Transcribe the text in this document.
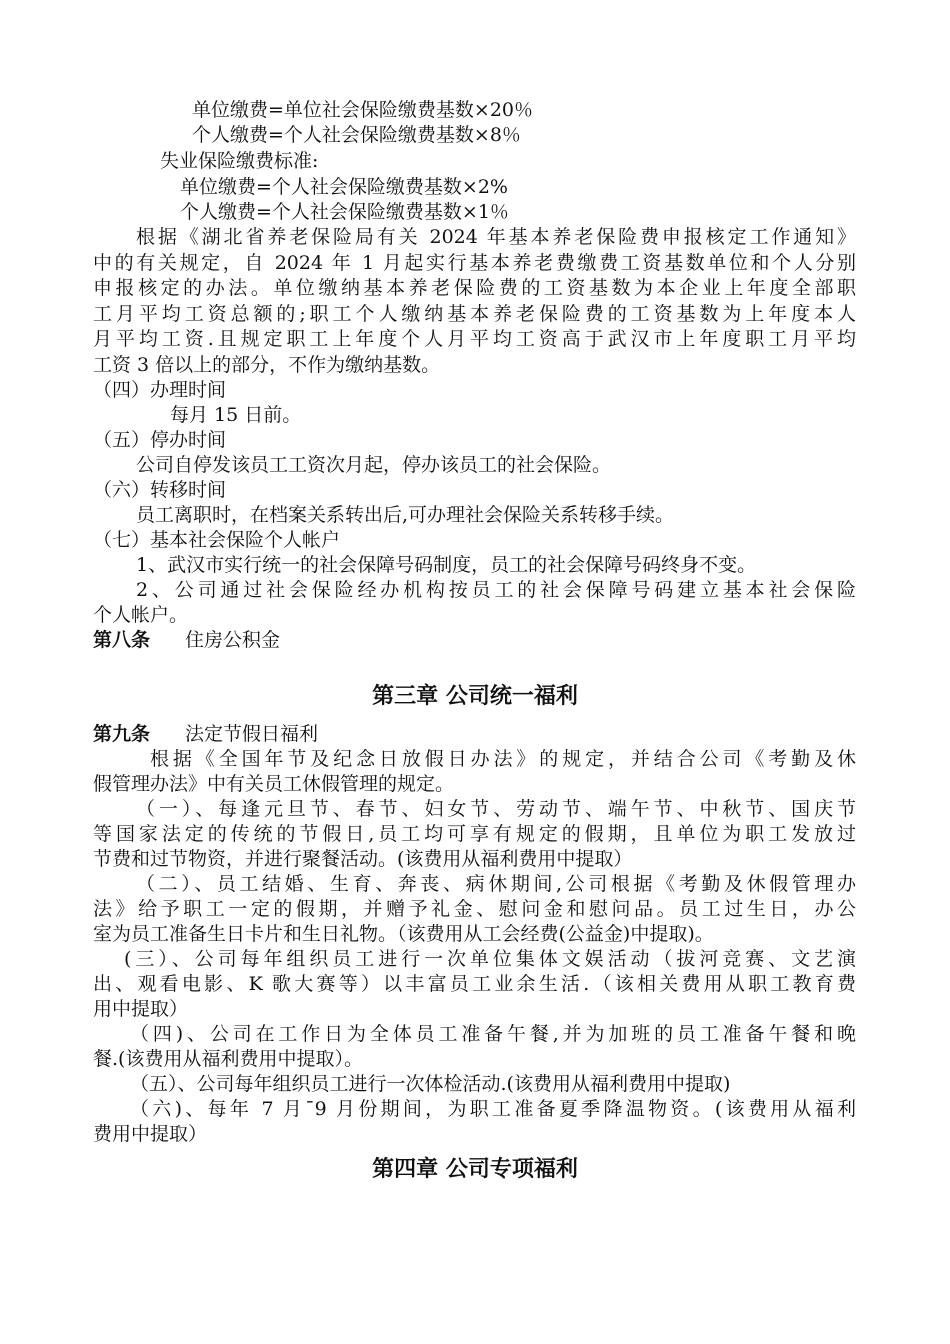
单位缴费=单位社会保险缴费基数×20％
个人缴费=个人社会保险缴费基数×8％
失业保险缴费标准:
单位缴费=个人社会保险缴费基数×2%
个人缴费=个人社会保险缴费基数×1％
根据《湖北省养老保险局有关 2024 年基本养老保险费申报核定工作通知》
中的有关规定，自 2024 年 1 月起实行基本养老费缴费工资基数单位和个人分别
申报核定的办法。单位缴纳基本养老保险费的工资基数为本企业上年度全部职
工月平均工资总额的;职工个人缴纳基本养老保险费的工资基数为上年度本人
月平均工资.且规定职工上年度个人月平均工资高于武汉市上年度职工月平均
工资 3 倍以上的部分，不作为缴纳基数。
（四）办理时间
每月 15 日前。
（五）停办时间
公司自停发该员工工资次月起，停办该员工的社会保险。
（六）转移时间
员工离职时，在档案关系转出后,可办理社会保险关系转移手续。
（七）基本社会保险个人帐户
1、武汉市实行统一的社会保障号码制度，员工的社会保障号码终身不变。
2、公司通过社会保险经办机构按员工的社会保障号码建立基本社会保险
个人帐户。
第八条 住房公积金
第三章 公司统一福利
第九条 法定节假日福利
根据《全国年节及纪念日放假日办法》的规定，并结合公司《考勤及休
假管理办法》中有关员工休假管理的规定。
（一）、每逢元旦节、春节、妇女节、劳动节、端午节、中秋节、国庆节
等国家法定的传统的节假日,员工均可享有规定的假期，且单位为职工发放过
节费和过节物资，并进行聚餐活动。(该费用从福利费用中提取）
（二）、员工结婚、生育、奔丧、病休期间,公司根据《考勤及休假管理办
法》给予职工一定的假期，并赠予礼金、慰问金和慰问品。员工过生日，办公
室为员工准备生日卡片和生日礼物。（该费用从工会经费(公益金)中提取)。
(三）、公司每年组织员工进行一次单位集体文娱活动（拔河竞赛、文艺演
出、观看电影、K 歌大赛等）以丰富员工业余生活.（该相关费用从职工教育费
用中提取）
（四)、公司在工作日为全体员工准备午餐,并为加班的员工准备午餐和晚
餐.(该费用从福利费用中提取）。
（五）、公司每年组织员工进行一次体检活动.(该费用从福利费用中提取)
（六)、每年 7 月¯9 月份期间，为职工准备夏季降温物资。(该费用从福利
费用中提取）
第四章 公司专项福利
